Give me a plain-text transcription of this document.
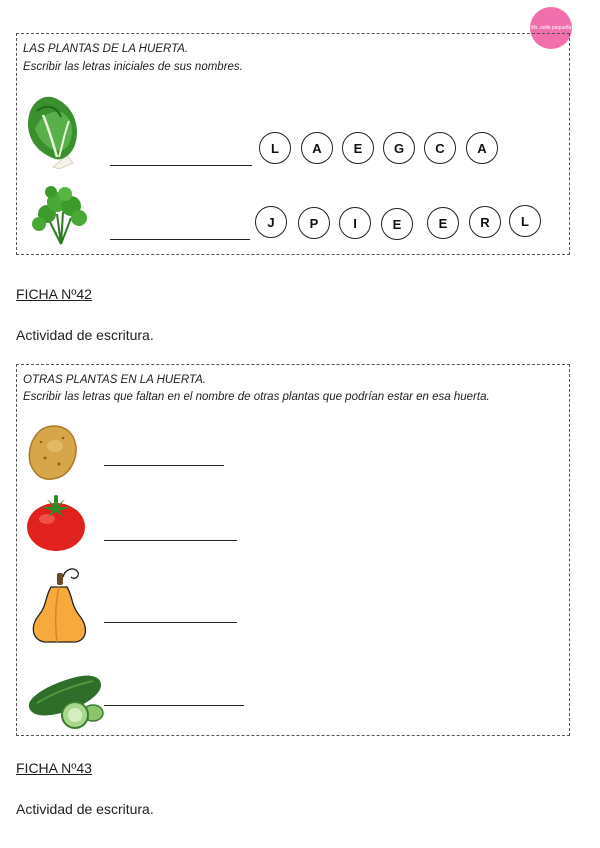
Ms. zelle pequeña
LAS PLANTAS DE LA HUERTA.
Escribir las letras iniciales de sus nombres.
L	A E G C	A
J	P	I	E	E	R L
FICHA Nº42
Actividad de escritura.
OTRAS PLANTAS EN LA HUERTA.
Escribir las letras que faltan en el nombre de otras plantas que podrían estar en esa huerta.
FICHA Nº43
Actividad de escritura.
